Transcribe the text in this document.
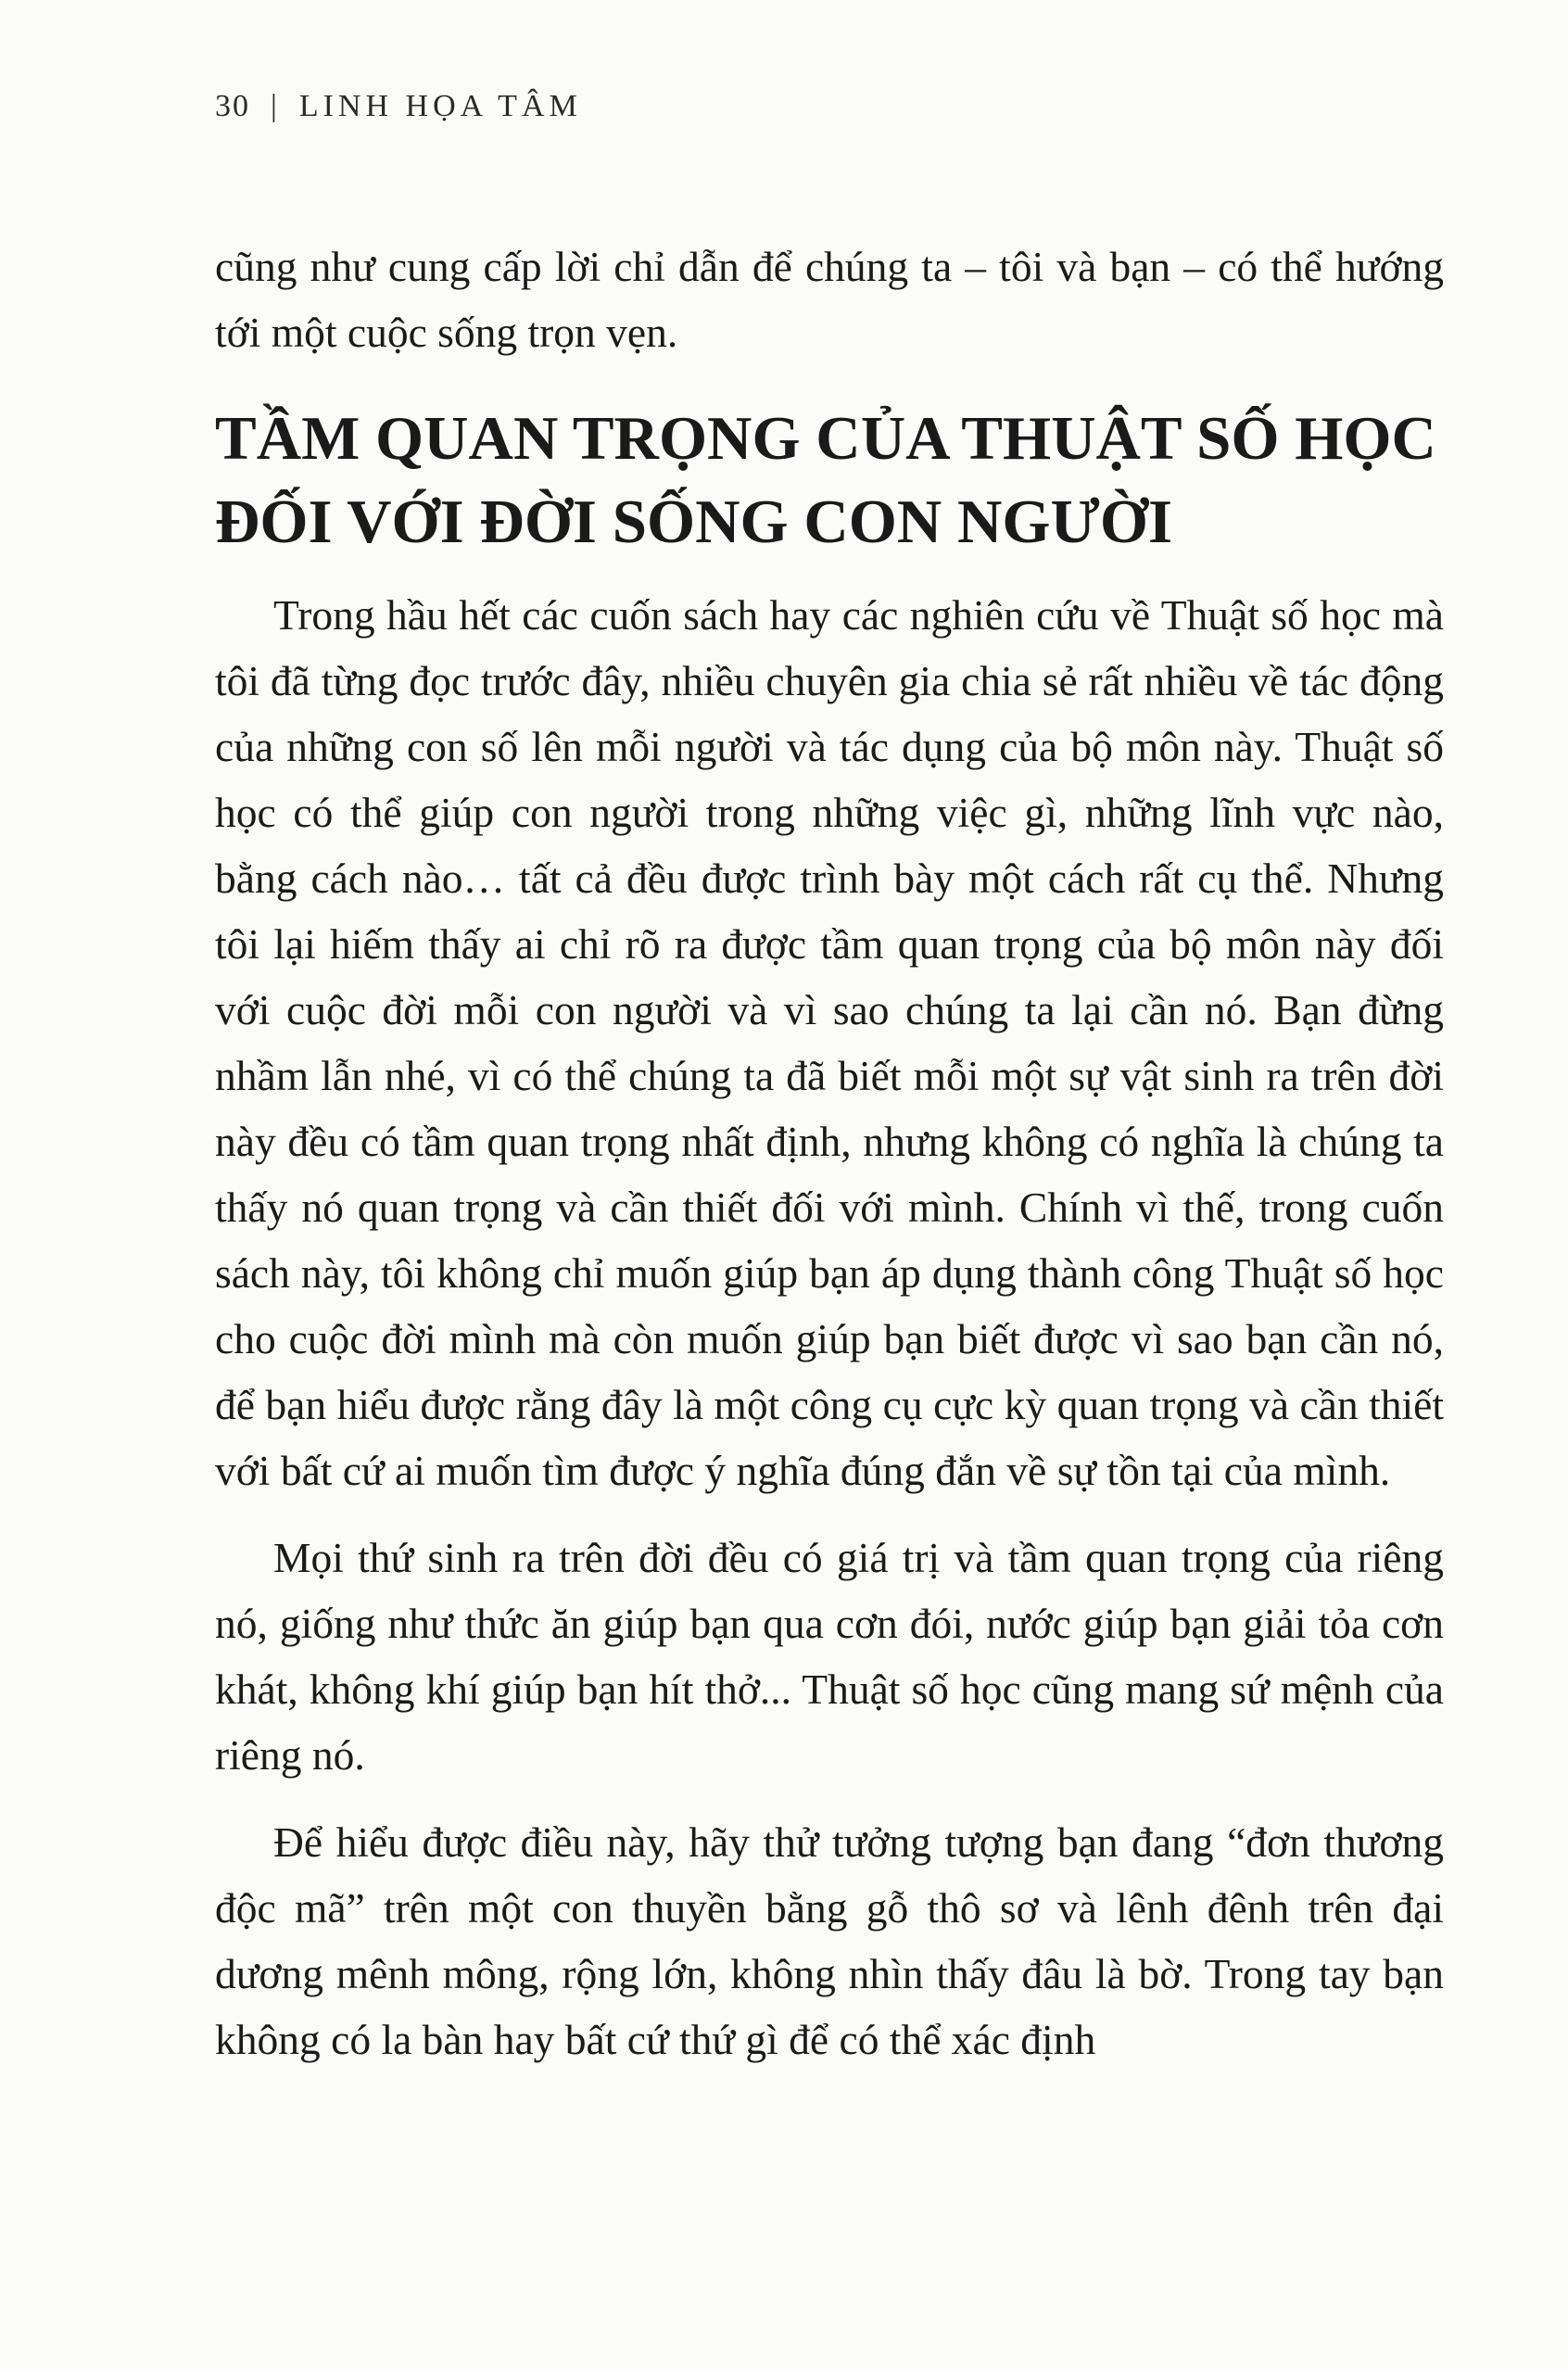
30 | LINH HỌA TÂM
cũng như cung cấp lời chỉ dẫn để chúng ta – tôi và bạn – có thể hướng tới một cuộc sống trọn vẹn.
TẦM QUAN TRỌNG CỦA THUẬT SỐ HỌC
ĐỐI VỚI ĐỜI SỐNG CON NGƯỜI

Trong hầu hết các cuốn sách hay các nghiên cứu về Thuật số học mà tôi đã từng đọc trước đây, nhiều chuyên gia chia sẻ rất nhiều về tác động của những con số lên mỗi người và tác dụng của bộ môn này. Thuật số học có thể giúp con người trong những việc gì, những lĩnh vực nào, bằng cách nào… tất cả đều được trình bày một cách rất cụ thể. Nhưng tôi lại hiếm thấy ai chỉ rõ ra được tầm quan trọng của bộ môn này đối với cuộc đời mỗi con người và vì sao chúng ta lại cần nó. Bạn đừng nhầm lẫn nhé, vì có thể chúng ta đã biết mỗi một sự vật sinh ra trên đời này đều có tầm quan trọng nhất định, nhưng không có nghĩa là chúng ta thấy nó quan trọng và cần thiết đối với mình. Chính vì thế, trong cuốn sách này, tôi không chỉ muốn giúp bạn áp dụng thành công Thuật số học cho cuộc đời mình mà còn muốn giúp bạn biết được vì sao bạn cần nó, để bạn hiểu được rằng đây là một công cụ cực kỳ quan trọng và cần thiết với bất cứ ai muốn tìm được ý nghĩa đúng đắn về sự tồn tại của mình.

Mọi thứ sinh ra trên đời đều có giá trị và tầm quan trọng của riêng nó, giống như thức ăn giúp bạn qua cơn đói, nước giúp bạn giải tỏa cơn khát, không khí giúp bạn hít thở... Thuật số học cũng mang sứ mệnh của riêng nó.

Để hiểu được điều này, hãy thử tưởng tượng bạn đang “đơn thương độc mã” trên một con thuyền bằng gỗ thô sơ và lênh đênh trên đại dương mênh mông, rộng lớn, không nhìn thấy đâu là bờ. Trong tay bạn không có la bàn hay bất cứ thứ gì để có thể xác định
